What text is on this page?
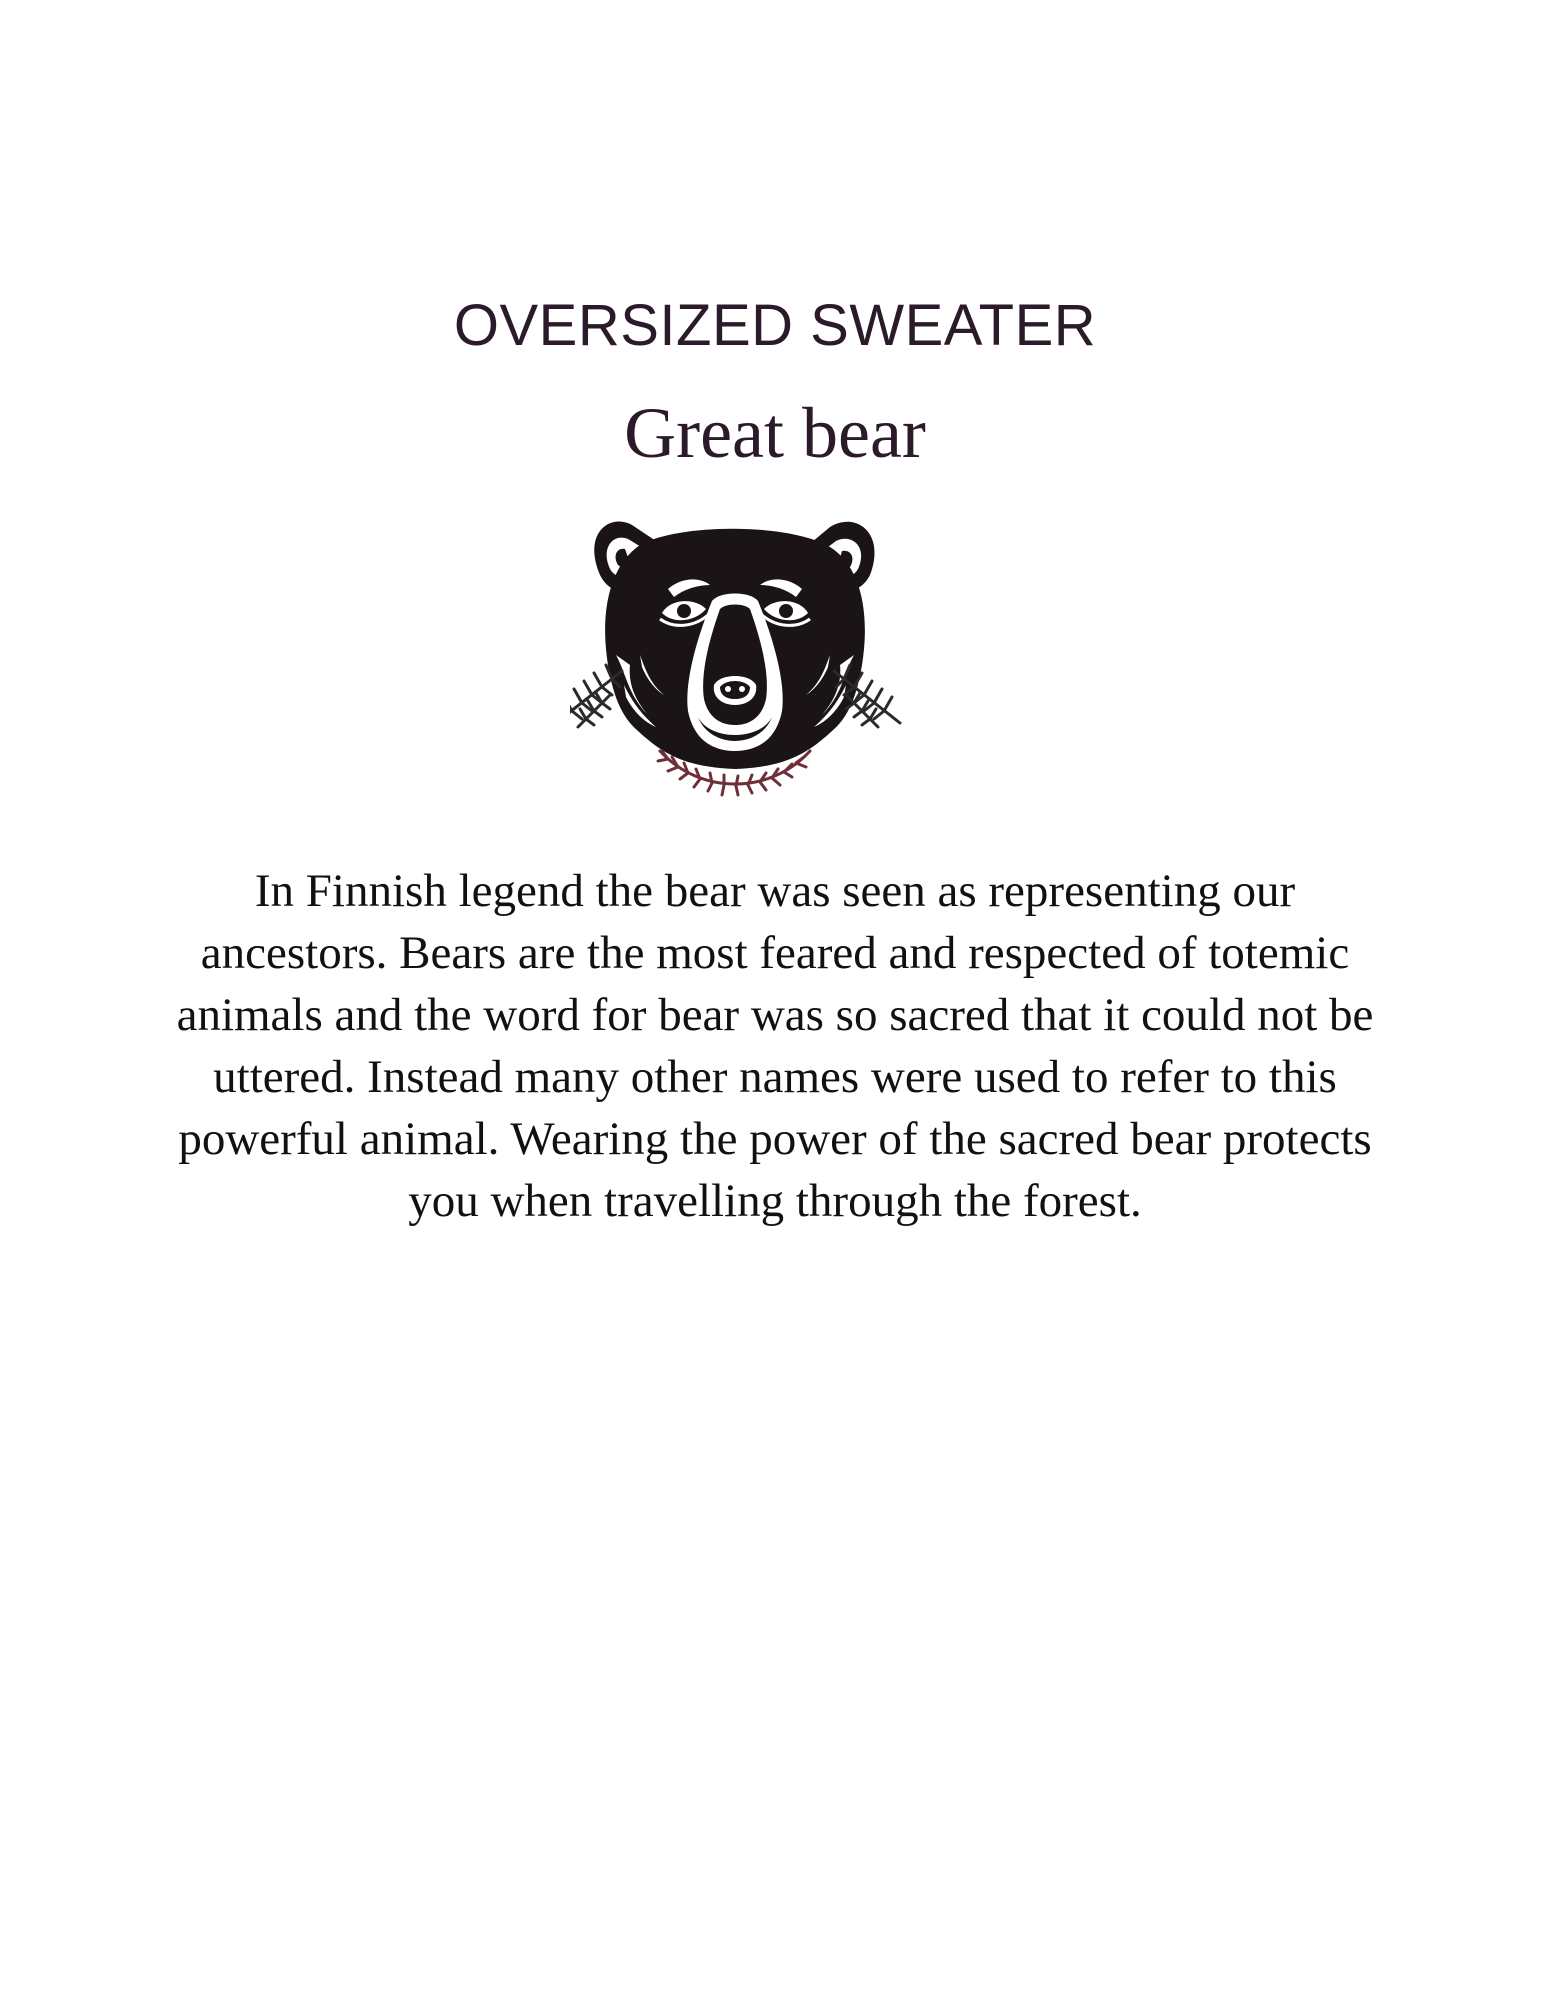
OVERSIZED SWEATER
Great bear
In Finnish legend the bear was seen as representing our ancestors. Bears are the most feared and respected of totemic animals and the word for bear was so sacred that it could not be uttered. Instead many other names were used to refer to this powerful animal. Wearing the power of the sacred bear protects you when travelling through the forest.
